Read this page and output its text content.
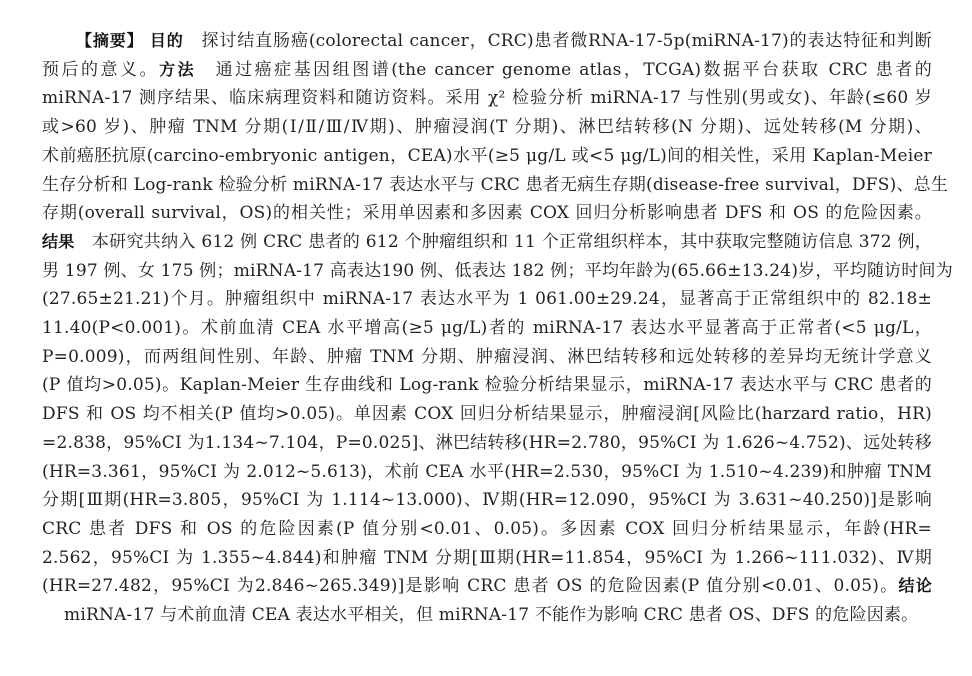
【摘要】 目的　探讨结直肠癌(colorectal cancer，CRC)患者微RNA-17-5p(miRNA-17)的表达特征和判断
预后的意义。方法　通过癌症基因组图谱(the cancer genome atlas，TCGA)数据平台获取 CRC 患者的
miRNA-17 测序结果、临床病理资料和随访资料。采用 χ² 检验分析 miRNA-17 与性别(男或女)、年龄(≤60 岁
或>60 岁)、肿瘤 TNM 分期(Ⅰ/Ⅱ/Ⅲ/Ⅳ期)、肿瘤浸润(T 分期)、淋巴结转移(N 分期)、远处转移(M 分期)、
术前癌胚抗原(carcino-embryonic antigen，CEA)水平(≥5 μg/L 或<5 μg/L)间的相关性，采用 Kaplan-Meier
生存分析和 Log-rank 检验分析 miRNA-17 表达水平与 CRC 患者无病生存期(disease-free survival，DFS)、总生
存期(overall survival，OS)的相关性；采用单因素和多因素 COX 回归分析影响患者 DFS 和 OS 的危险因素。
结果　本研究共纳入 612 例 CRC 患者的 612 个肿瘤组织和 11 个正常组织样本，其中获取完整随访信息 372 例，
男 197 例、女 175 例；miRNA-17 高表达190 例、低表达 182 例；平均年龄为(65.66±13.24)岁，平均随访时间为
(27.65±21.21)个月。肿瘤组织中 miRNA-17 表达水平为 1 061.00±29.24，显著高于正常组织中的 82.18±
11.40(P<0.001)。术前血清 CEA 水平增高(≥5 μg/L)者的 miRNA-17 表达水平显著高于正常者(<5 μg/L，
P=0.009)，而两组间性别、年龄、肿瘤 TNM 分期、肿瘤浸润、淋巴结转移和远处转移的差异均无统计学意义
(P 值均>0.05)。Kaplan-Meier 生存曲线和 Log-rank 检验分析结果显示，miRNA-17 表达水平与 CRC 患者的
DFS 和 OS 均不相关(P 值均>0.05)。单因素 COX 回归分析结果显示，肿瘤浸润[风险比(harzard ratio，HR)
=2.838，95%CI 为1.134~7.104，P=0.025]、淋巴结转移(HR=2.780，95%CI 为 1.626~4.752)、远处转移
(HR=3.361，95%CI 为 2.012~5.613)，术前 CEA 水平(HR=2.530，95%CI 为 1.510~4.239)和肿瘤 TNM
分期[Ⅲ期(HR=3.805，95%CI 为 1.114~13.000)、Ⅳ期(HR=12.090，95%CI 为 3.631~40.250)]是影响
CRC 患者 DFS 和 OS 的危险因素(P 值分别<0.01、0.05)。多因素 COX 回归分析结果显示，年龄(HR=
2.562，95%CI 为 1.355~4.844)和肿瘤 TNM 分期[Ⅲ期(HR=11.854，95%CI 为 1.266~111.032)、Ⅳ期
(HR=27.482，95%CI 为2.846~265.349)]是影响 CRC 患者 OS 的危险因素(P 值分别<0.01、0.05)。结论
miRNA-17 与术前血清 CEA 表达水平相关，但 miRNA-17 不能作为影响 CRC 患者 OS、DFS 的危险因素。
